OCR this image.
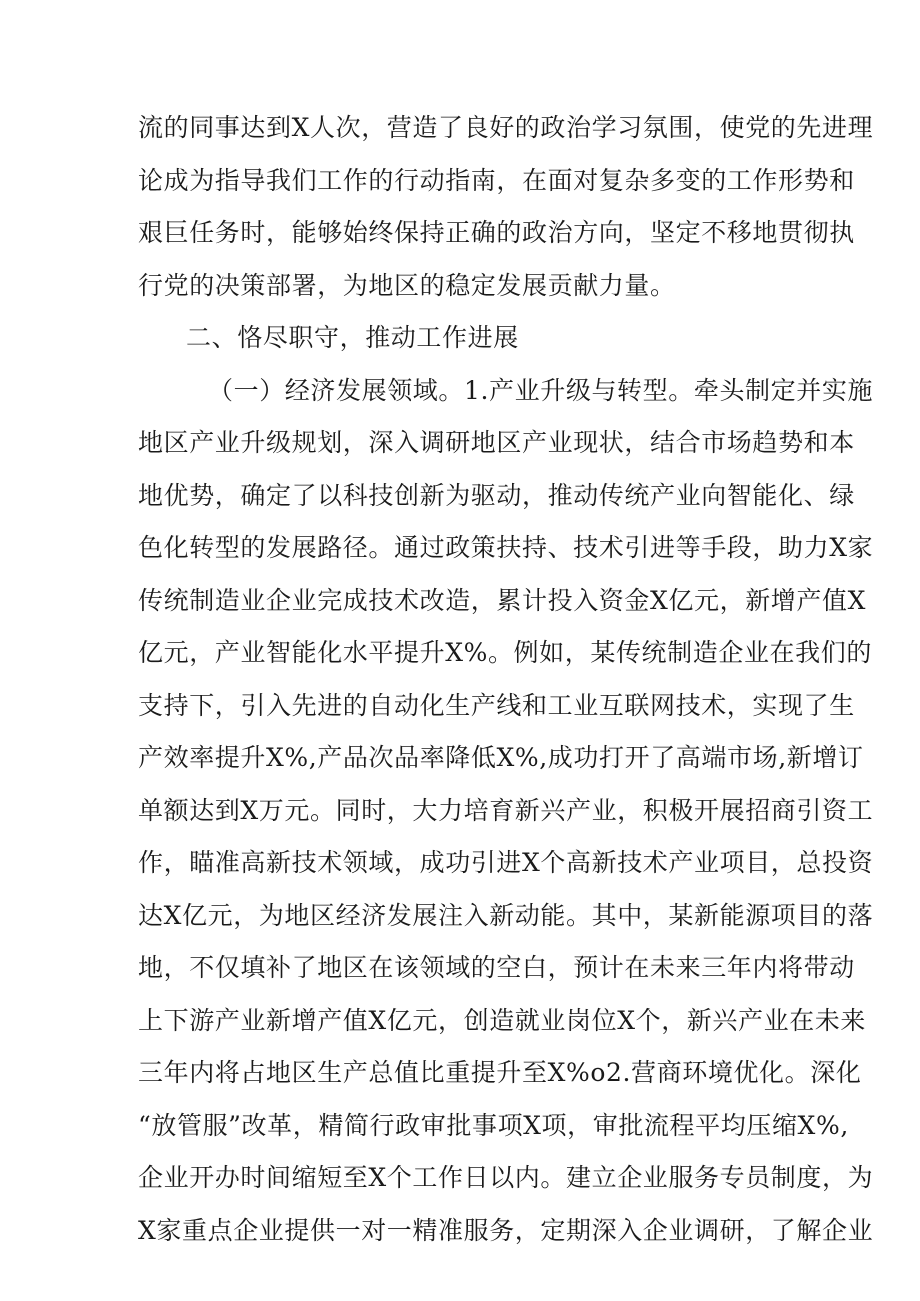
流的同事达到X人次，营造了良好的政治学习氛围，使党的先进理
论成为指导我们工作的行动指南，在面对复杂多变的工作形势和
艰巨任务时，能够始终保持正确的政治方向，坚定不移地贯彻执
行党的决策部署，为地区的稳定发展贡献力量。
二、恪尽职守，推动工作进展
（一）经济发展领域。1.产业升级与转型。牵头制定并实施
地区产业升级规划，深入调研地区产业现状，结合市场趋势和本
地优势，确定了以科技创新为驱动，推动传统产业向智能化、绿
色化转型的发展路径。通过政策扶持、技术引进等手段，助力X家
传统制造业企业完成技术改造，累计投入资金X亿元，新增产值X
亿元，产业智能化水平提升X%。例如，某传统制造企业在我们的
支持下，引入先进的自动化生产线和工业互联网技术，实现了生
产效率提升X%,产品次品率降低X%,成功打开了高端市场,新增订
单额达到X万元。同时，大力培育新兴产业，积极开展招商引资工
作，瞄准高新技术领域，成功引进X个高新技术产业项目，总投资
达X亿元，为地区经济发展注入新动能。其中，某新能源项目的落
地，不仅填补了地区在该领域的空白，预计在未来三年内将带动
上下游产业新增产值X亿元，创造就业岗位X个，新兴产业在未来
三年内将占地区生产总值比重提升至X%o2.营商环境优化。深化
“放管服”改革，精简行政审批事项X项，审批流程平均压缩X%,
企业开办时间缩短至X个工作日以内。建立企业服务专员制度，为
X家重点企业提供一对一精准服务，定期深入企业调研，了解企业
